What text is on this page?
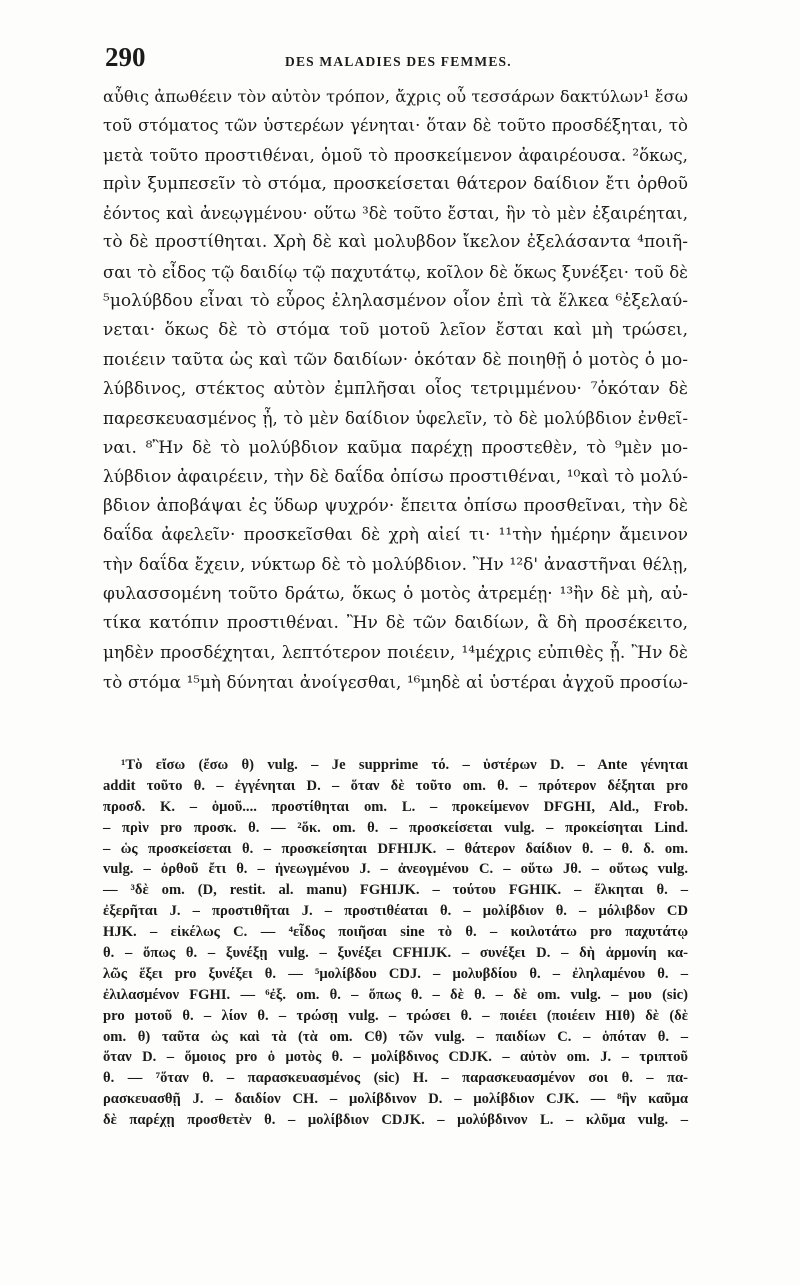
290	DES MALADIES DES FEMMES.
αὖθις ἀπωθέειν τὸν αὐτὸν τρόπον, ἄχρις οὗ τεσσάρων δακτύλων¹ ἔσω
τοῦ στόματος τῶν ὑστερέων γένηται· ὅταν δὲ τοῦτο προσδέξηται, τὸ
μετὰ τοῦτο προστιθέναι, ὁμοῦ τὸ προσκείμενον ἀφαιρέουσα. ²ὅκως,
πρὶν ξυμπεσεῖν τὸ στόμα, προσκείσεται θάτερον δαίδιον ἔτι ὀρθοῦ
ἐόντος καὶ ἀνεῳγμένου· οὕτω ³δὲ τοῦτο ἔσται, ἣν τὸ μὲν ἐξαιρέηται,
τὸ δὲ προστίθηται. Χρὴ δὲ καὶ μολυβδον ἴκελον ἐξελάσαντα ⁴ποιῆ-
σαι τὸ εἶδος τῷ δαιδίῳ τῷ παχυτάτῳ, κοῖλον δὲ ὅκως ξυνέξει· τοῦ δὲ
⁵μολύβδου εἶναι τὸ εὖρος ἐληλασμένον οἷον ἐπὶ τὰ ἕλκεα ⁶ἐξελαύ-
νεται· ὅκως δὲ τὸ στόμα τοῦ μοτοῦ λεῖον ἔσται καὶ μὴ τρώσει,
ποιέειν ταῦτα ὡς καὶ τῶν δαιδίων· ὁκόταν δὲ ποιηθῇ ὁ μοτὸς ὁ μο-
λύβδινος, στέκτος αὐτὸν ἐμπλῆσαι οἷος τετριμμένου· ⁷ὁκόταν δὲ
παρεσκευασμένος ᾖ, τὸ μὲν δαίδιον ὑφελεῖν, τὸ δὲ μολύβδιον ἐνθεῖ-
ναι. ⁸Ἢν δὲ τὸ μολύβδιον καῦμα παρέχῃ προστεθὲν, τὸ ⁹μὲν μο-
λύβδιον ἀφαιρέειν, τὴν δὲ δαΐδα ὀπίσω προστιθέναι, ¹⁰καὶ τὸ μολύ-
βδιον ἀποβάψαι ἐς ὕδωρ ψυχρόν· ἔπειτα ὀπίσω προσθεῖναι, τὴν δὲ
δαΐδα ἀφελεῖν· προσκεῖσθαι δὲ χρὴ αἰεί τι· ¹¹τὴν ἡμέρην ἄμεινον
τὴν δαΐδα ἔχειν, νύκτωρ δὲ τὸ μολύβδιον. Ἢν ¹²δ' ἀναστῆναι θέλῃ,
φυλασσομένη τοῦτο δράτω, ὅκως ὁ μοτὸς ἀτρεμέῃ· ¹³ἢν δὲ μὴ, αὐ-
τίκα κατόπιν προστιθέναι. Ἢν δὲ τῶν δαιδίων, ἃ δὴ προσέκειτο,
μηδὲν προσδέχηται, λεπτότερον ποιέειν, ¹⁴μέχρις εὐπιθὲς ᾖ. Ἢν δὲ
τὸ στόμα ¹⁵μὴ δύνηται ἀνοίγεσθαι, ¹⁶μηδὲ αἱ ὑστέραι ἀγχοῦ προσίω-
¹Τὸ εἴσω (ἔσω θ) vulg. – Je supprime τό. – ὑστέρων D. – Ante γένηται
addit τοῦτο θ. – ἐγγένηται D. – ὅταν δὲ τοῦτο om. θ. – πρότερον δέξηται pro
προσδ. K. – ὁμοῦ.... προστίθηται om. L. – προκείμενον DFGHI, Ald., Frob.
– πρὶν pro προσκ. θ. — ²ὅκ. om. θ. – προσκείσεται vulg. – προκείσηται Lind.
– ὡς προσκείσεται θ. – προσκείσηται DFHIJK. – θάτερον δαίδιον θ. – θ. δ. om.
vulg. – ὀρθοῦ ἔτι θ. – ἠνεωγμένου J. – ἀνεογμένου C. – οὕτω Jθ. – οὕτως vulg.
— ³δὲ om. (D, restit. al. manu) FGHIJK. – τούτου FGHIK. – ἕλκηται θ. –
ἐξερῆται J. – προστιθῆται J. – προστιθέαται θ. – μολίβδιον θ. – μόλιβδον CD
HJK. – εἰκέλως C. — ⁴εἶδος ποιῆσαι sine τὸ θ. – κοιλοτάτω pro παχυτάτῳ
θ. – ὅπως θ. – ξυνέξῃ vulg. – ξυνέξει CFHIJK. – συνέξει D. – δὴ ἁρμονίη κα-
λῶς ἕξει pro ξυνέξει θ. — ⁵μολίβδου CDJ. – μολυβδίου θ. – ἐληλαμένου θ. –
ἐλιλασμένον FGHI. — ⁶ἐξ. om. θ. – ὅπως θ. – δὲ θ. – δὲ om. vulg. – μου (sic)
pro μοτοῦ θ. – λίον θ. – τρώσῃ vulg. – τρώσει θ. – ποιέει (ποιέειν HIθ) δὲ (δὲ
om. θ) ταῦτα ὡς καὶ τὰ (τὰ om. Cθ) τῶν vulg. – παιδίων C. – ὁπόταν θ. –
ὅταν D. – ὅμοιος pro ὁ μοτὸς θ. – μολίβδινος CDJK. – αὐτὸν om. J. – τριπτοῦ
θ. — ⁷ὅταν θ. – παρασκευασμένος (sic) H. – παρασκευασμένον σοι θ. – πα-
ρασκευασθῇ J. – δαιδίον CH. – μολίβδινον D. – μολίβδιον CJK. — ⁸ἢν καῦμα
δὲ παρέχῃ προσθετὲν θ. – μολίβδιον CDJK. – μολύβδινον L. – κλῦμα vulg. –
